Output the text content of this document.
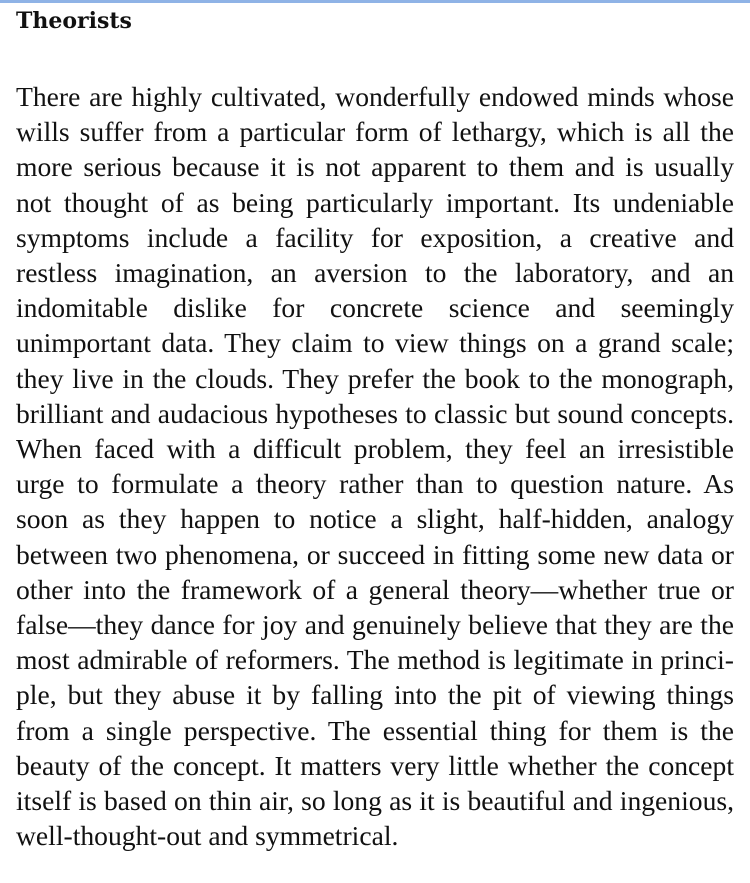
Theorists

There are highly cultivated, wonderfully endowed minds whose wills suffer from a particular form of lethargy, which is all the more serious because it is not apparent to them and is usually not thought of as being particularly important. Its undeniable symptoms include a facility for exposition, a creative and restless imagination, an aversion to the laboratory, and an indomitable dislike for concrete science and seemingly unimportant data. They claim to view things on a grand scale; they live in the clouds. They prefer the book to the monograph, brilliant and audacious hypotheses to classic but sound concepts. When faced with a difficult problem, they feel an irresistible urge to formulate a theory rather than to question nature. As soon as they happen to notice a slight, half-hidden, analogy between two phenomena, or succeed in fitting some new data or other into the framework of a general theory—whether true or false—they dance for joy and genuinely believe that they are the most admirable of reformers. The method is legitimate in principle, but they abuse it by falling into the pit of viewing things from a single perspective. The essential thing for them is the beauty of the concept. It matters very little whether the concept itself is based on thin air, so long as it is beautiful and ingenious, well-thought-out and symmetrical.
